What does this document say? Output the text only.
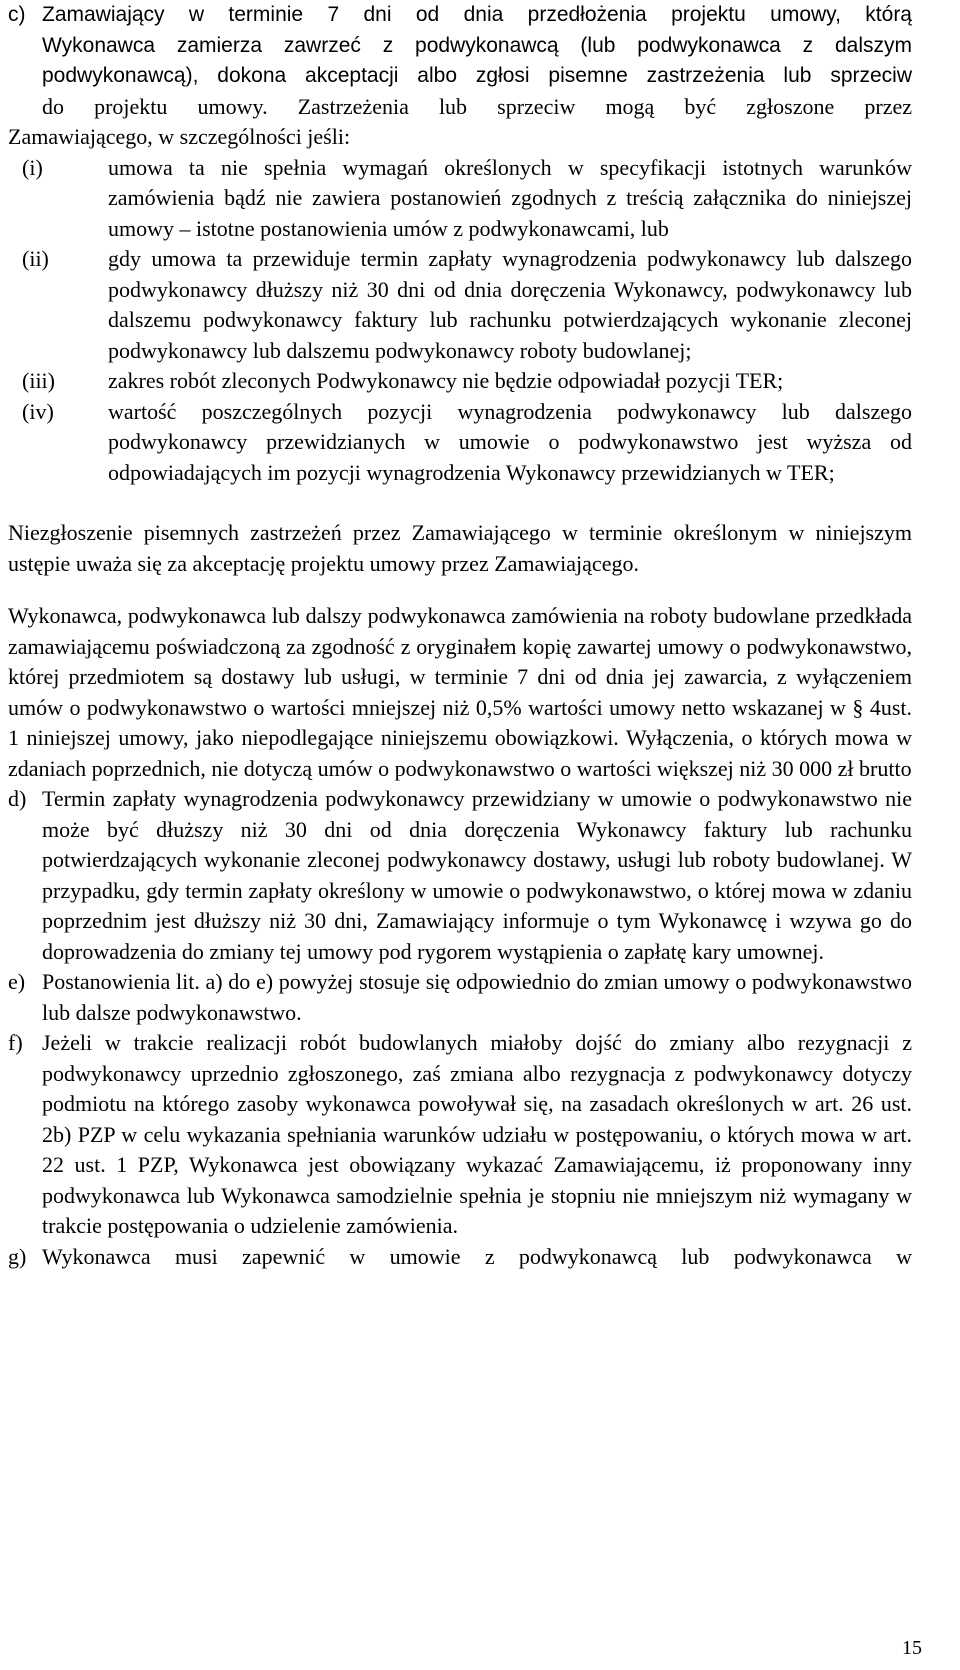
c) Zamawiający w terminie 7 dni od dnia przedłożenia projektu umowy, którą
Wykonawca zamierza zawrzeć z podwykonawcą (lub podwykonawca z dalszym
podwykonawcą), dokona akceptacji albo zgłosi pisemne zastrzeżenia lub sprzeciw
do projektu umowy. Zastrzeżenia lub sprzeciw mogą być zgłoszone przez
Zamawiającego, w szczególności jeśli:
(i)	umowa ta nie spełnia wymagań określonych w specyfikacji istotnych warunków zamówienia bądź nie zawiera postanowień zgodnych z treścią załącznika do niniejszej umowy – istotne postanowienia umów z podwykonawcami, lub
(ii)	gdy umowa ta przewiduje termin zapłaty wynagrodzenia podwykonawcy lub dalszego podwykonawcy dłuższy niż 30 dni od dnia doręczenia Wykonawcy, podwykonawcy lub dalszemu podwykonawcy faktury lub rachunku potwierdzających wykonanie zleconej podwykonawcy lub dalszemu podwykonawcy roboty budowlanej;
(iii) zakres robót zleconych Podwykonawcy nie będzie odpowiadał pozycji TER;
(iv) wartość poszczególnych pozycji wynagrodzenia podwykonawcy lub dalszego podwykonawcy przewidzianych w umowie o podwykonawstwo jest wyższa od odpowiadających im pozycji wynagrodzenia Wykonawcy przewidzianych w TER;

Niezgłoszenie pisemnych zastrzeżeń przez Zamawiającego w terminie określonym w niniejszym ustępie uważa się za akceptację projektu umowy przez Zamawiającego.

Wykonawca, podwykonawca lub dalszy podwykonawca zamówienia na roboty budowlane przedkłada zamawiającemu poświadczoną za zgodność z oryginałem kopię zawartej umowy o podwykonawstwo, której przedmiotem są dostawy lub usługi, w terminie 7 dni od dnia jej zawarcia, z wyłączeniem umów o podwykonawstwo o wartości mniejszej niż 0,5% wartości umowy netto wskazanej w § 4ust. 1 niniejszej umowy, jako niepodlegające niniejszemu obowiązkowi. Wyłączenia, o których mowa w zdaniach poprzednich, nie dotyczą umów o podwykonawstwo o wartości większej niż 30 000 zł brutto

d) Termin zapłaty wynagrodzenia podwykonawcy przewidziany w umowie o podwykonawstwo nie może być dłuższy niż 30 dni od dnia doręczenia Wykonawcy faktury lub rachunku potwierdzających wykonanie zleconej podwykonawcy dostawy, usługi lub roboty budowlanej. W przypadku, gdy termin zapłaty określony w umowie o podwykonawstwo, o której mowa w zdaniu poprzednim jest dłuższy niż 30 dni, Zamawiający informuje o tym Wykonawcę i wzywa go do doprowadzenia do zmiany tej umowy pod rygorem wystąpienia o zapłatę kary umownej.
e) Postanowienia lit. a) do e) powyżej stosuje się odpowiednio do zmian umowy o podwykonawstwo lub dalsze podwykonawstwo.
f) Jeżeli w trakcie realizacji robót budowlanych miałoby dojść do zmiany albo rezygnacji z podwykonawcy uprzednio zgłoszonego, zaś zmiana albo rezygnacja z podwykonawcy dotyczy podmiotu na którego zasoby wykonawca powoływał się, na zasadach określonych w art. 26 ust. 2b) PZP w celu wykazania spełniania warunków udziału w postępowaniu, o których mowa w art. 22 ust. 1 PZP, Wykonawca jest obowiązany wykazać Zamawiającemu, iż proponowany inny podwykonawca lub Wykonawca samodzielnie spełnia je stopniu nie mniejszym niż wymagany w trakcie postępowania o udzielenie zamówienia.
g) Wykonawca musi zapewnić w umowie z podwykonawcą lub podwykonawca w
15
